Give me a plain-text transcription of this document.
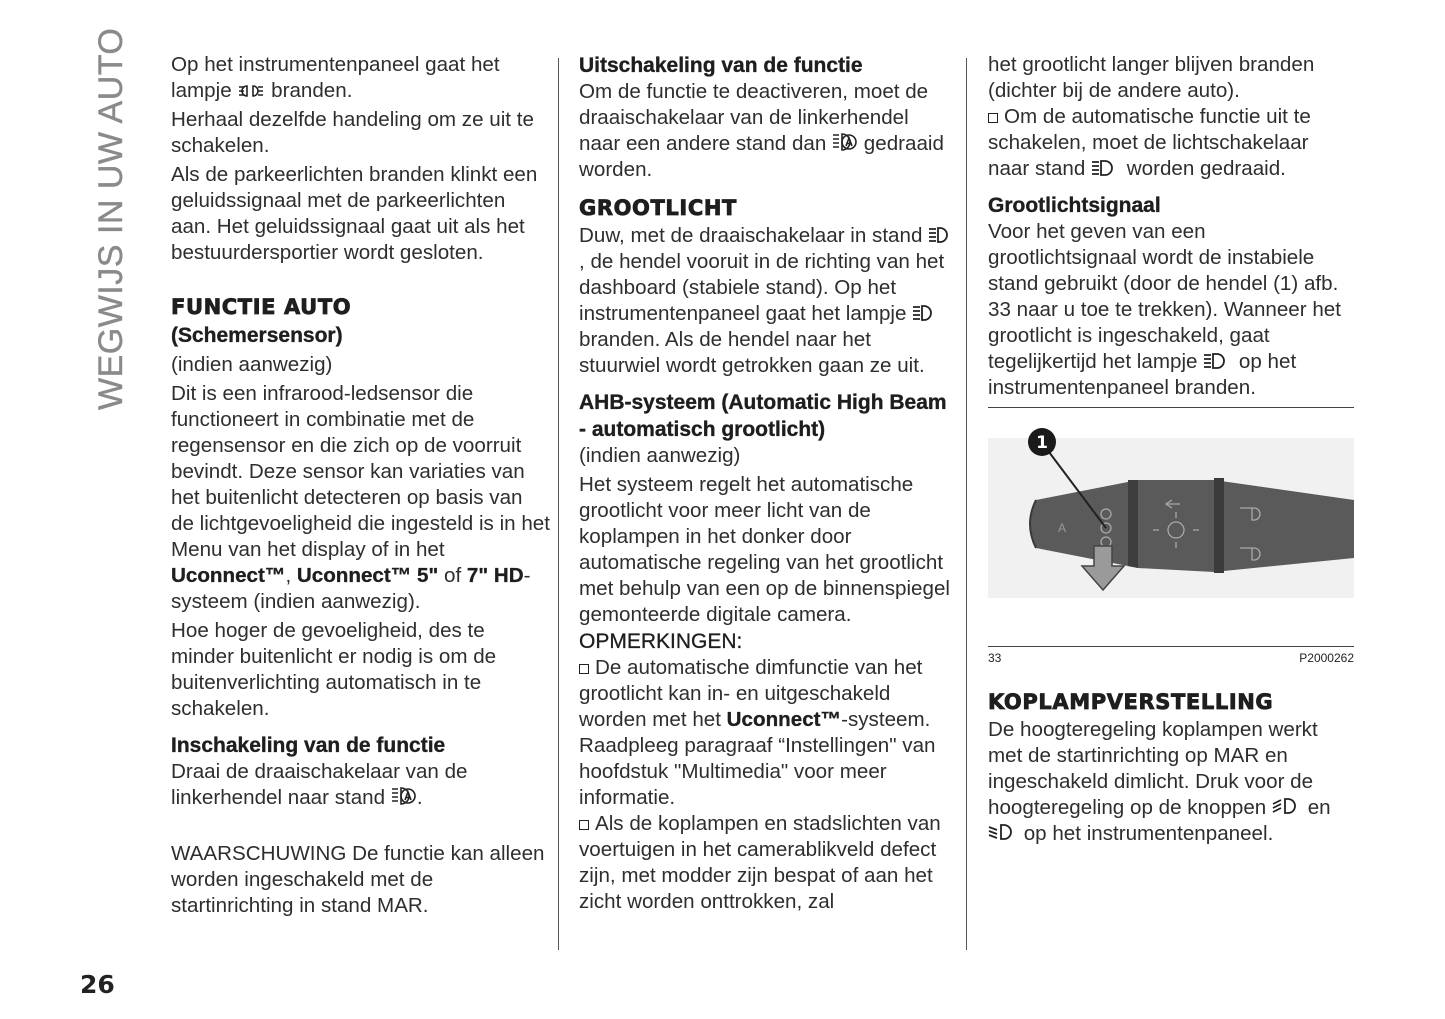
WEGWIJS IN UW AUTO Op het instrumentenpaneel gaat het
lampje  branden.

Herhaal dezelfde handeling om ze uit te schakelen.

Als de parkeerlichten branden klinkt een geluidssignaal met de parkeerlichten aan. Het geluidssignaal gaat uit als het bestuurdersportier wordt gesloten.

FUNCTIE AUTO

(Schemersensor)

(indien aanwezig)

Dit is een infrarood-ledsensor die functioneert in combinatie met de regensensor en die zich op de voorruit bevindt. Deze sensor kan variaties van het buitenlicht detecteren op basis van de lichtgevoeligheid die ingesteld is in het Menu van het display of in het Uconnect™, Uconnect™ 5" of 7" HD-systeem (indien aanwezig).

Hoe hoger de gevoeligheid, des te minder buitenlicht er nodig is om de buitenverlichting automatisch in te schakelen.

Inschakeling van de functie

Draai de draaischakelaar van de linkerhendel naar stand .

WAARSCHUWING De functie kan alleen worden ingeschakeld met de startinrichting in stand MAR.

Uitschakeling van de functie

Om de functie te deactiveren, moet de draaischakelaar van de linkerhendel naar een andere stand dan  gedraaid worden.

GROOTLICHT

Duw, met de draaischakelaar in stand , de hendel vooruit in de richting van het dashboard (stabiele stand). Op het instrumentenpaneel gaat het lampje  branden. Als de hendel naar het stuurwiel wordt getrokken gaan ze uit.

AHB-systeem (Automatic High Beam - automatisch grootlicht)

(indien aanwezig)

Het systeem regelt het automatische grootlicht voor meer licht van de koplampen in het donker door automatische regeling van het grootlicht met behulp van een op de binnenspiegel gemonteerde digitale camera.

OPMERKINGEN:

De automatische dimfunctie van het grootlicht kan in- en uitgeschakeld worden met het Uconnect™-systeem. Raadpleeg paragraaf “Instellingen" van hoofdstuk "Multimedia" voor meer informatie.

Als de koplampen en stadslichten van voertuigen in het camerablikveld defect zijn, met modder zijn bespat of aan het zicht worden onttrokken, zal

het grootlicht langer blijven branden (dichter bij de andere auto).

Om de automatische functie uit te schakelen, moet de lichtschakelaar naar stand  worden gedraaid.

Grootlichtsignaal

Voor het geven van een grootlichtsignaal wordt de instabiele stand gebruikt (door de hendel (1) afb. 33 naar u toe te trekken). Wanneer het grootlicht is ingeschakeld, gaat tegelijkertijd het lampje  op het instrumentenpaneel branden.

A
1
33	P2000262

KOPLAMPVERSTELLING

De hoogteregeling koplampen werkt met de startinrichting op MAR en ingeschakeld dimlicht. Druk voor de hoogteregeling op de knoppen  en  op het instrumentenpaneel.

26
